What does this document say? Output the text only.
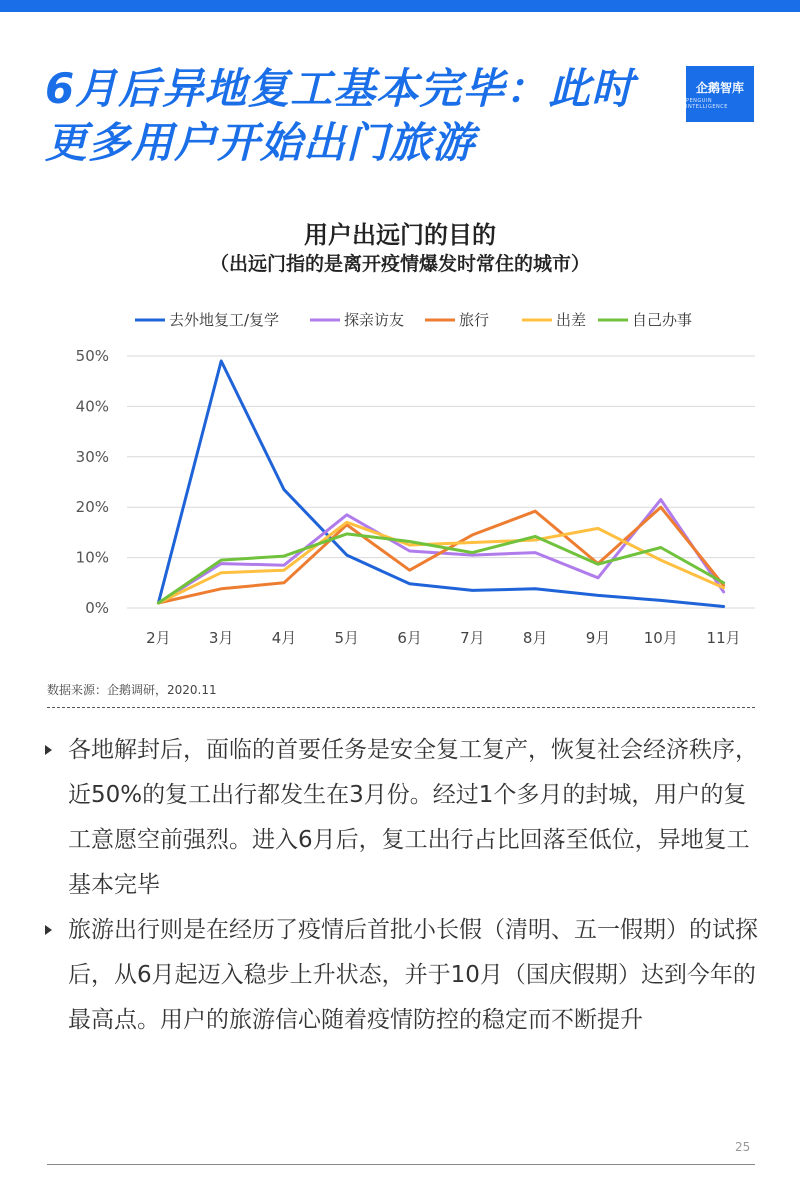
6月后异地复工基本完毕：此时更多用户开始出门旅游
企鹅智库
PENGUIN INTELLIGENCE
用户出远门的目的
（出远门指的是离开疫情爆发时常住的城市）
0%
10%
20%
30%
40%
50%
2月	3月	4月	5月	6月	7月	8月	9月 10月 11月
去外地复工/复学	探亲访友	旅行	出差	自己办事
数据来源：企鹅调研，2020.11
各地解封后，面临的首要任务是安全复工复产，恢复社会经济秩序，近50%的复工出行都发生在3月份。经过1个多月的封城，用户的复工意愿空前强烈。进入6月后，复工出行占比回落至低位，异地复工基本完毕
旅游出行则是在经历了疫情后首批小长假（清明、五一假期）的试探后，从6月起迈入稳步上升状态，并于10月（国庆假期）达到今年的最高点。用户的旅游信心随着疫情防控的稳定而不断提升
25
